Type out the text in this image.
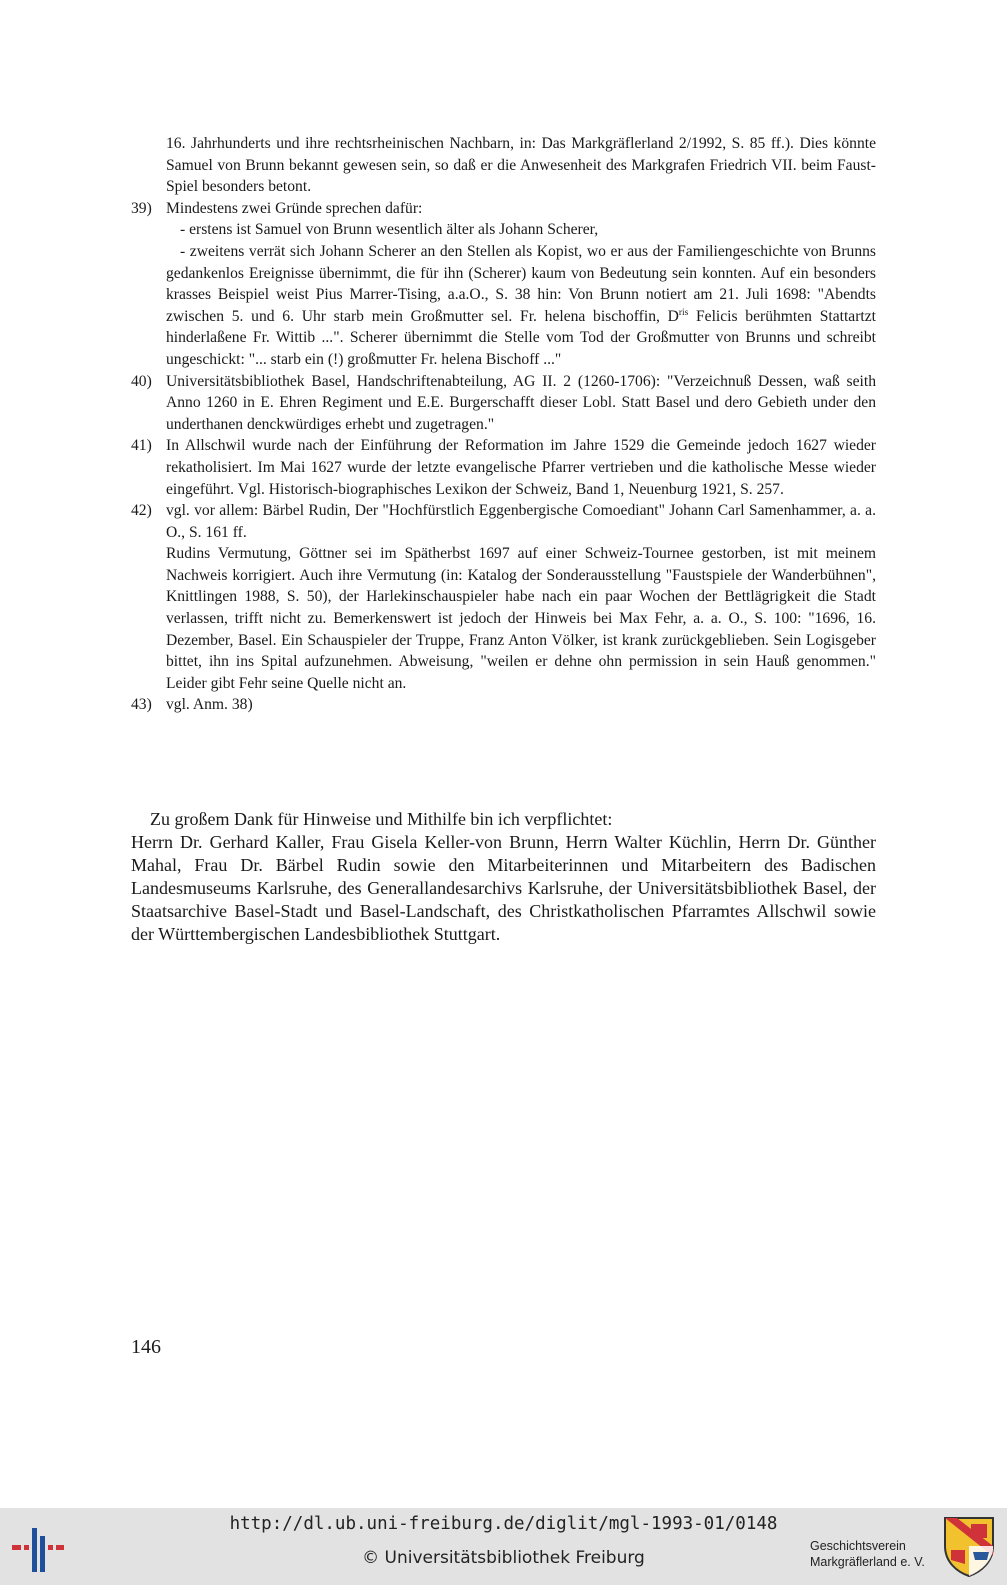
16. Jahrhunderts und ihre rechtsrheinischen Nachbarn, in: Das Markgräflerland 2/1992, S. 85 ff.). Dies könnte Samuel von Brunn bekannt gewesen sein, so daß er die Anwesenheit des Markgrafen Friedrich VII. beim Faust-Spiel besonders betont.

39) Mindestens zwei Gründe sprechen dafür:

- erstens ist Samuel von Brunn wesentlich älter als Johann Scherer,

- zweitens verrät sich Johann Scherer an den Stellen als Kopist, wo er aus der Familiengeschichte von Brunns gedankenlos Ereignisse übernimmt, die für ihn (Scherer) kaum von Bedeutung sein konnten. Auf ein besonders krasses Beispiel weist Pius Marrer-Tising, a.a.O., S. 38 hin: Von Brunn notiert am 21. Juli 1698: "Abendts zwischen 5. und 6. Uhr starb mein Großmutter sel. Fr. helena bischoffin, $D^{ris}$ Felicis berühmten Stattartzt hinderlaßene Fr. Wittib ...". Scherer übernimmt die Stelle vom Tod der Großmutter von Brunns und schreibt ungeschickt: "... starb ein (!) großmutter Fr. helena Bischoff ..."

40) Universitätsbibliothek Basel, Handschriftenabteilung, AG II. 2 (1260-1706): "Verzeichnuß Dessen, waß seith Anno 1260 in E. Ehren Regiment und E.E. Burgerschafft dieser Lobl. Statt Basel und dero Gebieth under den underthanen denckwürdiges erhebt und zugetragen."

41) In Allschwil wurde nach der Einführung der Reformation im Jahre 1529 die Gemeinde jedoch 1627 wieder rekatholisiert. Im Mai 1627 wurde der letzte evangelische Pfarrer vertrieben und die katholische Messe wieder eingeführt. Vgl. Historisch-biographisches Lexikon der Schweiz, Band 1, Neuenburg 1921, S. 257.

42) vgl. vor allem: Bärbel Rudin, Der "Hochfürstlich Eggenbergische Comoediant" Johann Carl Samenhammer, a. a. O., S. 161 ff.

Rudins Vermutung, Göttner sei im Spätherbst 1697 auf einer Schweiz-Tournee gestorben, ist mit meinem Nachweis korrigiert. Auch ihre Vermutung (in: Katalog der Sonderausstellung "Faustspiele der Wanderbühnen", Knittlingen 1988, S. 50), der Harlekinschauspieler habe nach ein paar Wochen der Bettlägrigkeit die Stadt verlassen, trifft nicht zu. Bemerkenswert ist jedoch der Hinweis bei Max Fehr, a. a. O., S. 100: "1696, 16. Dezember, Basel. Ein Schauspieler der Truppe, Franz Anton Völker, ist krank zurückgeblieben. Sein Logisgeber bittet, ihn ins Spital aufzunehmen. Abweisung, "weilen er dehne ohn permission in sein Hauß genommen." Leider gibt Fehr seine Quelle nicht an.

43) vgl. Anm. 38)

Zu großem Dank für Hinweise und Mithilfe bin ich verpflichtet:

Herrn Dr. Gerhard Kaller, Frau Gisela Keller-von Brunn, Herrn Walter Küchlin, Herrn Dr. Günther Mahal, Frau Dr. Bärbel Rudin sowie den Mitarbeiterinnen und Mitarbeitern des Badischen Landesmuseums Karlsruhe, des Generallandesarchivs Karlsruhe, der Universitätsbibliothek Basel, der Staatsarchive Basel-Stadt und Basel-Landschaft, des Christkatholischen Pfarramtes Allschwil sowie der Württembergischen Landesbibliothek Stuttgart.

146
http://dl.ub.uni-freiburg.de/diglit/mgl-1993-01/0148
© Universitätsbibliothek Freiburg
Geschichtsverein
Markgräflerland e. V.
